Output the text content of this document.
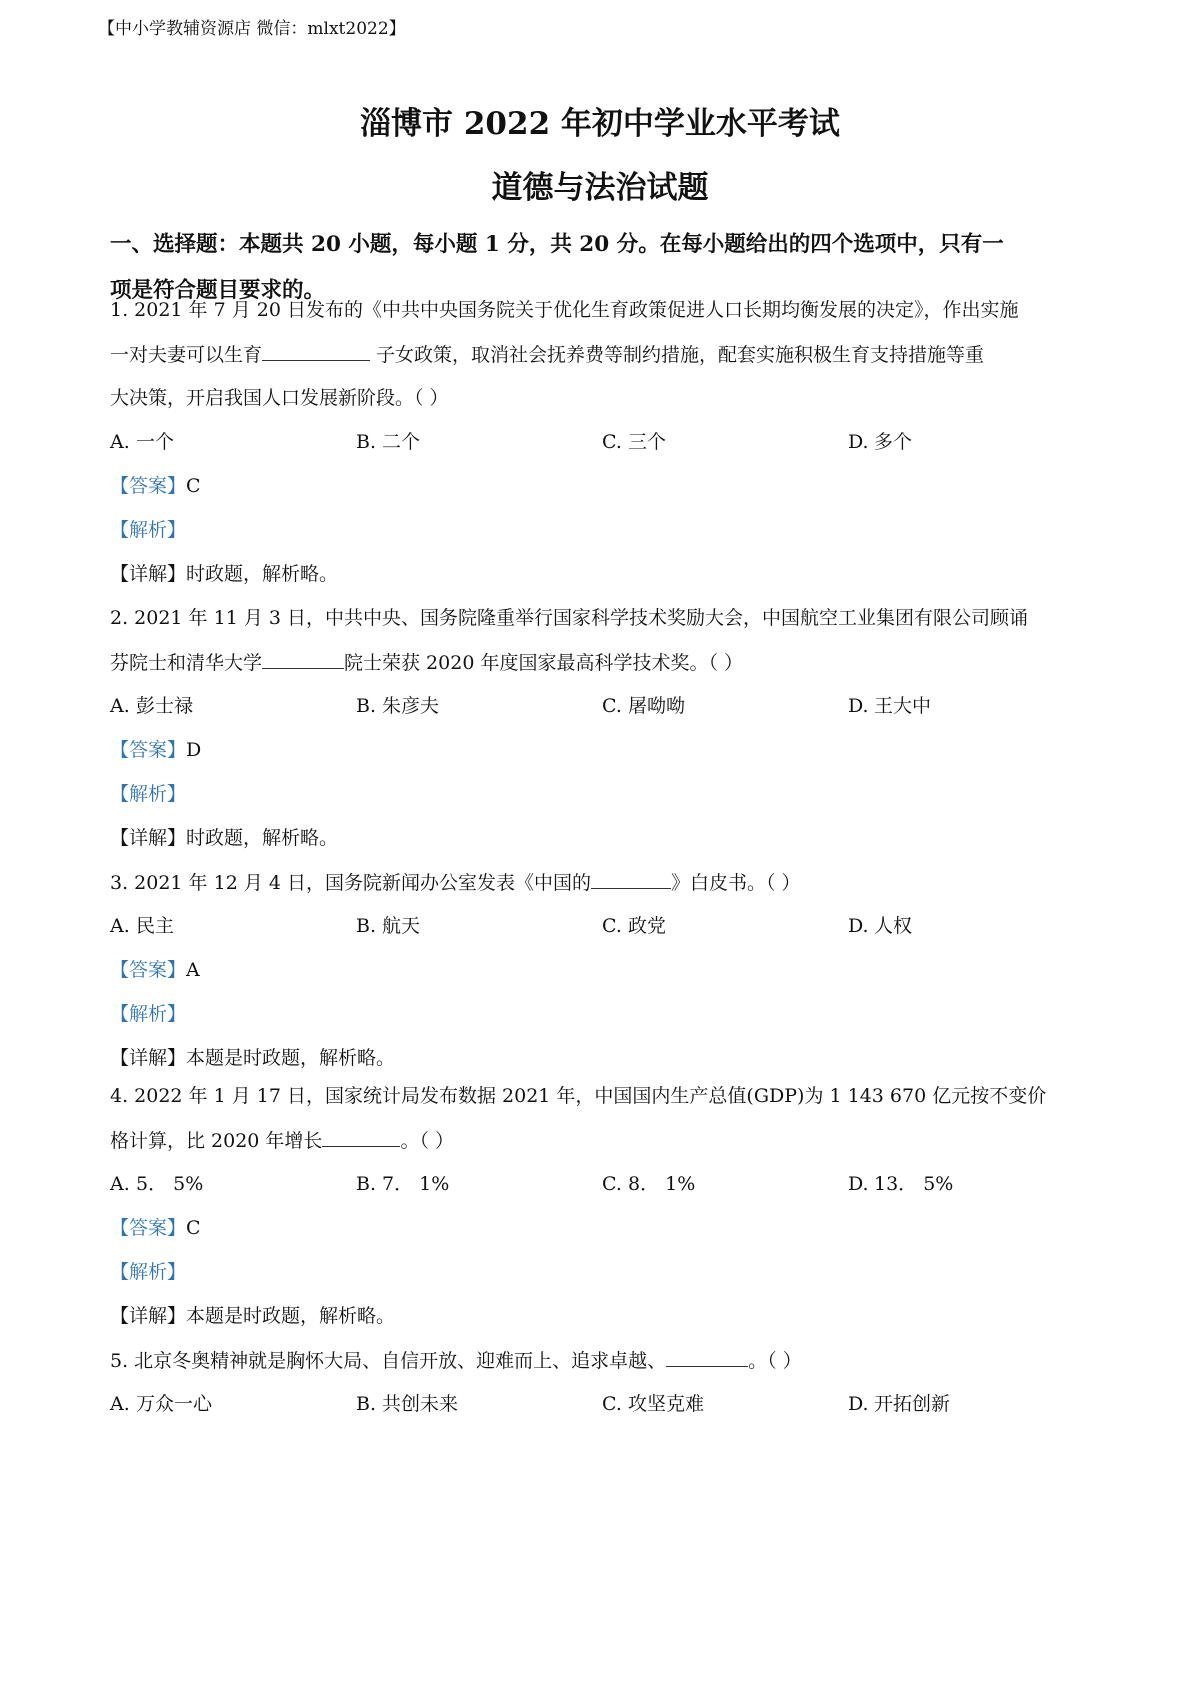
【中小学教辅资源店 微信：mlxt2022】
淄博市 2022 年初中学业水平考试
道德与法治试题
一、选择题：本题共 20 小题，每小题 1 分，共 20 分。在每小题给出的四个选项中，只有一
项是符合题目要求的。
1. 2021 年 7 月 20 日发布的《中共中央国务院关于优化生育政策促进人口长期均衡发展的决定》，作出实施
一对夫妻可以生育	子女政策，取消社会抚养费等制约措施，配套实施积极生育支持措施等重
大决策，开启我国人口发展新阶段。（ ）
A. 一个	B. 二个	C. 三个	D. 多个
【答案】C
【解析】
【详解】时政题，解析略。
2. 2021 年 11 月 3 日，中共中央、国务院隆重举行国家科学技术奖励大会，中国航空工业集团有限公司顾诵
芬院士和清华大学	院士荣获 2020 年度国家最高科学技术奖。（ ）
A. 彭士禄	B. 朱彦夫	C. 屠呦呦	D. 王大中
【答案】D
【解析】
【详解】时政题，解析略。
3. 2021 年 12 月 4 日，国务院新闻办公室发表《中国的	》白皮书。（ ）
A. 民主	B. 航天	C. 政党	D. 人权
【答案】A
【解析】
【详解】本题是时政题，解析略。
4. 2022 年 1 月 17 日，国家统计局发布数据 2021 年，中国国内生产总值(GDP)为 1 143 670 亿元按不变价
格计算，比 2020 年增长	。（ ）
A. 5． 5%	B. 7． 1%	C. 8． 1%	D. 13． 5%
【答案】C
【解析】
【详解】本题是时政题，解析略。
5. 北京冬奥精神就是胸怀大局、自信开放、迎难而上、追求卓越、	。（ ）
A. 万众一心	B. 共创未来	C. 攻坚克难	D. 开拓创新
